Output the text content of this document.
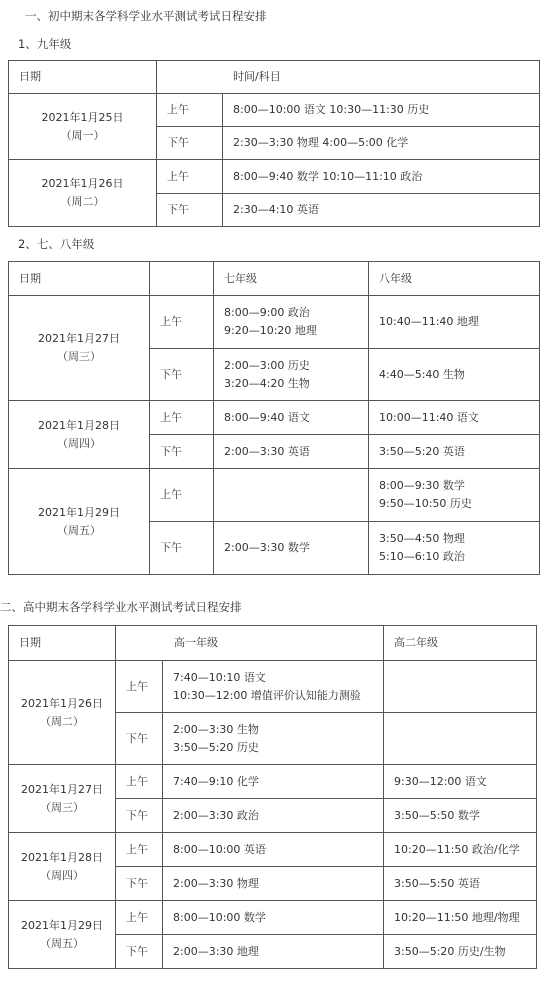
一、初中期末各学科学业水平测试考试日程安排
1、九年级
日期	时间/科目	

2021年1月25日
（周一）	上午	8:00—10:00 语文 10:30—11:30 历史
	下午	2:30—3:30 物理 4:00—5:00 化学

2021年1月26日
（周二）	上午	8:00—9:40 数学 10:10—11:10 政治
	下午	2:30—4:10 英语
2、七、八年级
日期		七年级	八年级

2021年1月27日
（周三）	上午	8:00—9:00 政治
9:20—10:20 地理	10:40—11:40 地理

	下午	2:00—3:00 历史
3:20—4:20 生物	4:40—5:40 生物

2021年1月28日
（周四）	上午	8:00—9:40 语文	10:00—11:40 语文
	下午	2:00—3:30 英语	3:50—5:20 英语

2021年1月29日
（周五）	上午		8:00—9:30 数学
9:50—10:50 历史

	下午	2:00—3:30 数学	3:50—4:50 物理
5:10—6:10 政治
二、高中期末各学科学业水平测试考试日程安排
日期	高一年级		高二年级

2021年1月26日
（周二）	上午	7:40—10:10 语文
10:30—12:00 增值评价认知能力测验	

	下午	2:00—3:30 生物
3:50—5:20 历史	

2021年1月27日
（周三）	上午	7:40—9:10 化学	9:30—12:00 语文
	下午	2:00—3:30 政治	3:50—5:50 数学

2021年1月28日
（周四）	上午	8:00—10:00 英语	10:20—11:50 政治/化学
	下午	2:00—3:30 物理	3:50—5:50 英语

2021年1月29日
（周五）	上午	8:00—10:00 数学	10:20—11:50 地理/物理
	下午	2:00—3:30 地理	3:50—5:20 历史/生物
